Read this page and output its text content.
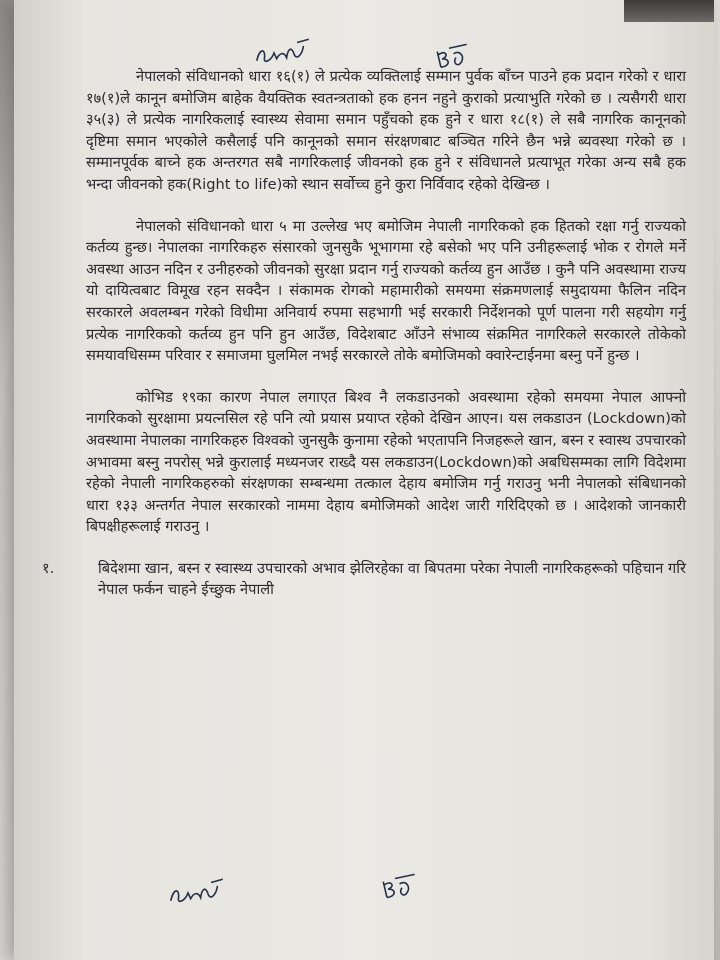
नेपालको संविधानको धारा १६(१) ले प्रत्येक व्यक्तिलाई सम्मान पुर्वक बाँच्न पाउने हक प्रदान गरेको र धारा १७(१)ले कानून बमोजिम बाहेक वैयक्तिक स्वतन्त्रताको हक हनन नहुने कुराको प्रत्याभुति गरेको छ । त्यसैगरी धारा ३५(३) ले प्रत्येक नागरिकलाई स्वास्थ्य सेवामा समान पहुँचको हक हुने र धारा १८(१) ले सबै नागरिक कानूनको दृष्टिमा समान भएकोले कसैलाई पनि कानूनको समान संरक्षणबाट बञ्चित गरिने छैन भन्ने ब्यवस्था गरेको छ । सम्मानपूर्वक बाच्ने हक अन्तरगत सबै नागरिकलाई जीवनको हक हुने र संविधानले प्रत्याभूत गरेका अन्य सबै हक भन्दा जीवनको हक(Right to life)को स्थान सर्वोच्च हुने कुरा निर्विवाद रहेको देखिन्छ ।

नेपालको संविधानको धारा ५ मा उल्लेख भए बमोजिम नेपाली नागरिकको हक हितको रक्षा गर्नु राज्यको कर्तव्य हुन्छ। नेपालका नागरिकहरु संसारको जुनसुकै भूभागमा रहे बसेको भए पनि उनीहरूलाई भोक र रोगले मर्ने अवस्था आउन नदिन र उनीहरुको जीवनको सुरक्षा प्रदान गर्नु राज्यको कर्तव्य हुन आउँछ । कुनै पनि अवस्थामा राज्य यो दायित्वबाट विमूख रहन सक्दैन । संकामक रोगको महामारीको समयमा संक्रमणलाई समुदायमा फैलिन नदिन सरकारले अवलम्बन गरेको विधीमा अनिवार्य रुपमा सहभागी भई सरकारी निर्देशनको पूर्ण पालना गरी सहयोग गर्नु प्रत्येक नागरिकको कर्तव्य हुन पनि हुन आउँछ, विदेशबाट आँउने संभाव्य संक्रमित नागरिकले सरकारले तोकेको समयावधिसम्म परिवार र समाजमा घुलमिल नभई सरकारले तोके बमोजिमको क्वारेन्टाईनमा बस्नु पर्ने हुन्छ ।

कोभिड १९का कारण नेपाल लगाएत बिश्व नै लकडाउनको अवस्थामा रहेको समयमा नेपाल आफ्नो नागरिकको सुरक्षामा प्रयत्नसिल रहे पनि त्यो प्रयास प्रयाप्त रहेको देखिन आएन। यस लकडाउन (Lockdown)को अवस्थामा नेपालका नागरिकहरु विश्वको जुनसुकै कुनामा रहेको भएतापनि निजहरूले खान, बस्न र स्वास्थ उपचारको अभावमा बस्नु नपरोस् भन्ने कुरालाई मध्यनजर राख्दै यस लकडाउन(Lockdown)को अबधिसम्मका लागि विदेशमा रहेको नेपाली नागरिकहरुको संरक्षणका सम्बन्धमा तत्काल देहाय बमोजिम गर्नु गराउनु भनी नेपालको संबिधानको धारा १३३ अन्तर्गत नेपाल सरकारको नाममा देहाय बमोजिमको आदेश जारी गरिदिएको छ । आदेशको जानकारी बिपक्षीहरूलाई गराउनु ।

१.	बिदेशमा खान, बस्न र स्वास्थ्य उपचारको अभाव झेलिरहेका वा बिपतमा परेका नेपाली नागरिकहरूको पहिचान गरि नेपाल फर्कन चाहने ईच्छुक नेपाली
